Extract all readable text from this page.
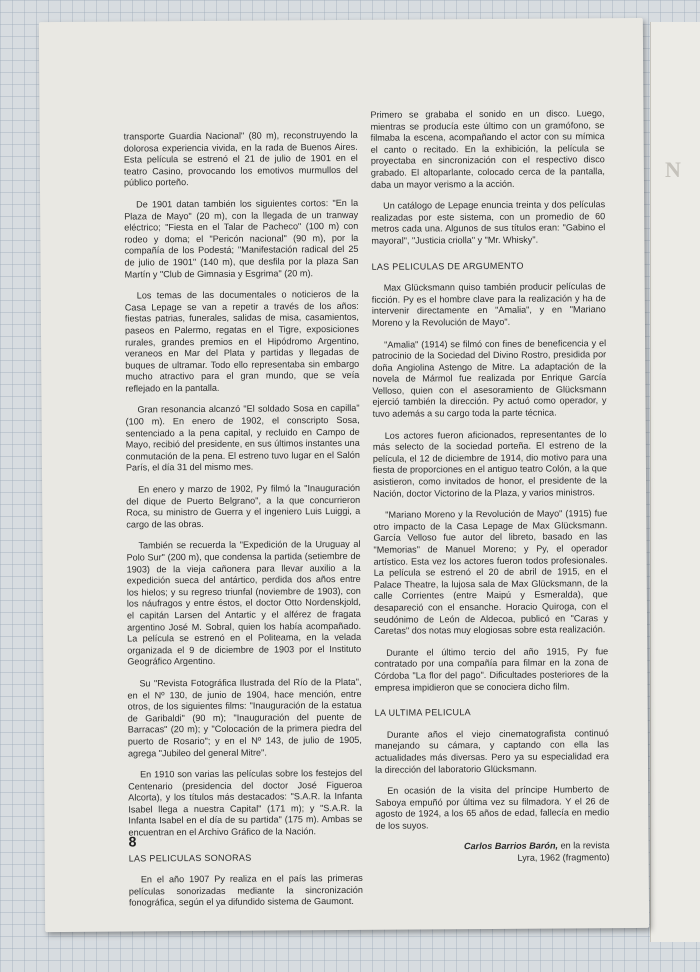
N

transporte Guardia Nacional" (80 m), reconstruyendo la dolorosa experiencia vivida, en la rada de Buenos Aires. Esta película se estrenó el 21 de julio de 1901 en el teatro Casino, provocando los emotivos murmullos del público porteño.

De 1901 datan también los siguientes cortos: "En la Plaza de Mayo" (20 m), con la llegada de un tranway eléctrico; "Fiesta en el Talar de Pacheco" (100 m) con rodeo y doma; el "Pericón nacional" (90 m), por la compañía de los Podestá; "Manifestación radical del 25 de julio de 1901" (140 m), que desfila por la plaza San Martín y "Club de Gimnasia y Esgrima" (20 m).

Los temas de las documentales o noticieros de la Casa Lepage se van a repetir a través de los años: fiestas patrias, funerales, salidas de misa, casamientos, paseos en Palermo, regatas en el Tigre, exposiciones rurales, grandes premios en el Hipódromo Argentino, veraneos en Mar del Plata y partidas y llegadas de buques de ultramar. Todo ello representaba sin embargo mucho atractivo para el gran mundo, que se veía reflejado en la pantalla.

Gran resonancia alcanzó "El soldado Sosa en capilla" (100 m). En enero de 1902, el conscripto Sosa, sentenciado a la pena capital, y recluido en Campo de Mayo, recibió del presidente, en sus últimos instantes una conmutación de la pena. El estreno tuvo lugar en el Salón París, el día 31 del mismo mes.

En enero y marzo de 1902, Py filmó la "Inauguración del dique de Puerto Belgrano", a la que concurrieron Roca, su ministro de Guerra y el ingeniero Luis Luiggi, a cargo de las obras.

También se recuerda la "Expedición de la Uruguay al Polo Sur" (200 m), que condensa la partida (setiembre de 1903) de la vieja cañonera para llevar auxilio a la expedición sueca del antártico, perdida dos años entre los hielos; y su regreso triunfal (noviembre de 1903), con los náufragos y entre éstos, el doctor Otto Nordenskjold, el capitán Larsen del Antartic y el alférez de fragata argentino José M. Sobral, quien los había acompañado. La película se estrenó en el Politeama, en la velada organizada el 9 de diciembre de 1903 por el Instituto Geográfico Argentino.

Su "Revista Fotográfica Ilustrada del Río de la Plata", en el Nº 130, de junio de 1904, hace mención, entre otros, de los siguientes films: "Inauguración de la estatua de Garibaldi" (90 m); "Inauguración del puente de Barracas" (20 m); y "Colocación de la primera piedra del puerto de Rosario"; y en el Nº 143, de julio de 1905, agrega "Jubileo del general Mitre".

En 1910 son varias las películas sobre los festejos del Centenario (presidencia del doctor José Figueroa Alcorta), y los títulos más destacados: "S.A.R. la Infanta Isabel llega a nuestra Capital" (171 m); y "S.A.R. la Infanta Isabel en el día de su partida" (175 m). Ambas se encuentran en el Archivo Gráfico de la Nación.

LAS PELICULAS SONORAS

En el año 1907 Py realiza en el país las primeras películas sonorizadas mediante la sincronización fonográfica, según el ya difundido sistema de Gaumont.

Primero se grababa el sonido en un disco. Luego, mientras se producía este último con un gramófono, se filmaba la escena, acompañando el actor con su mímica el canto o recitado. En la exhibición, la película se proyectaba en sincronización con el respectivo disco grabado. El altoparlante, colocado cerca de la pantalla, daba un mayor verismo a la acción.

Un catálogo de Lepage enuncia treinta y dos películas realizadas por este sistema, con un promedio de 60 metros cada una. Algunos de sus títulos eran: "Gabino el mayoral", "Justicia criolla" y "Mr. Whisky".

LAS PELICULAS DE ARGUMENTO

Max Glücksmann quiso también producir películas de ficción. Py es el hombre clave para la realización y ha de intervenir directamente en "Amalia", y en "Mariano Moreno y la Revolución de Mayo".

"Amalia" (1914) se filmó con fines de beneficencia y el patrocinio de la Sociedad del Divino Rostro, presidida por doña Angiolina Astengo de Mitre. La adaptación de la novela de Mármol fue realizada por Enrique García Velloso, quien con el asesoramiento de Glücksmann ejerció también la dirección. Py actuó como operador, y tuvo además a su cargo toda la parte técnica.

Los actores fueron aficionados, representantes de lo más selecto de la sociedad porteña. El estreno de la película, el 12 de diciembre de 1914, dio motivo para una fiesta de proporciones en el antiguo teatro Colón, a la que asistieron, como invitados de honor, el presidente de la Nación, doctor Victorino de la Plaza, y varios ministros.

"Mariano Moreno y la Revolución de Mayo" (1915) fue otro impacto de la Casa Lepage de Max Glücksmann. García Velloso fue autor del libreto, basado en las "Memorias" de Manuel Moreno; y Py, el operador artístico. Esta vez los actores fueron todos profesionales. La película se estrenó el 20 de abril de 1915, en el Palace Theatre, la lujosa sala de Max Glücksmann, de la calle Corrientes (entre Maipú y Esmeralda), que desapareció con el ensanche. Horacio Quiroga, con el seudónimo de León de Aldecoa, publicó en "Caras y Caretas" dos notas muy elogiosas sobre esta realización.

Durante el último tercio del año 1915, Py fue contratado por una compañía para filmar en la zona de Córdoba "La flor del pago". Dificultades posteriores de la empresa impidieron que se conociera dicho film.

LA ULTIMA PELICULA

Durante años el viejo cinematografista continuó manejando su cámara, y captando con ella las actualidades más diversas. Pero ya su especialidad era la dirección del laboratorio Glücksmann.

En ocasión de la visita del príncipe Humberto de Saboya empuñó por última vez su filmadora. Y el 26 de agosto de 1924, a los 65 años de edad, fallecía en medio de los suyos.

Carlos Barrios Barón, en la revista
Lyra, 1962 (fragmento)

8
